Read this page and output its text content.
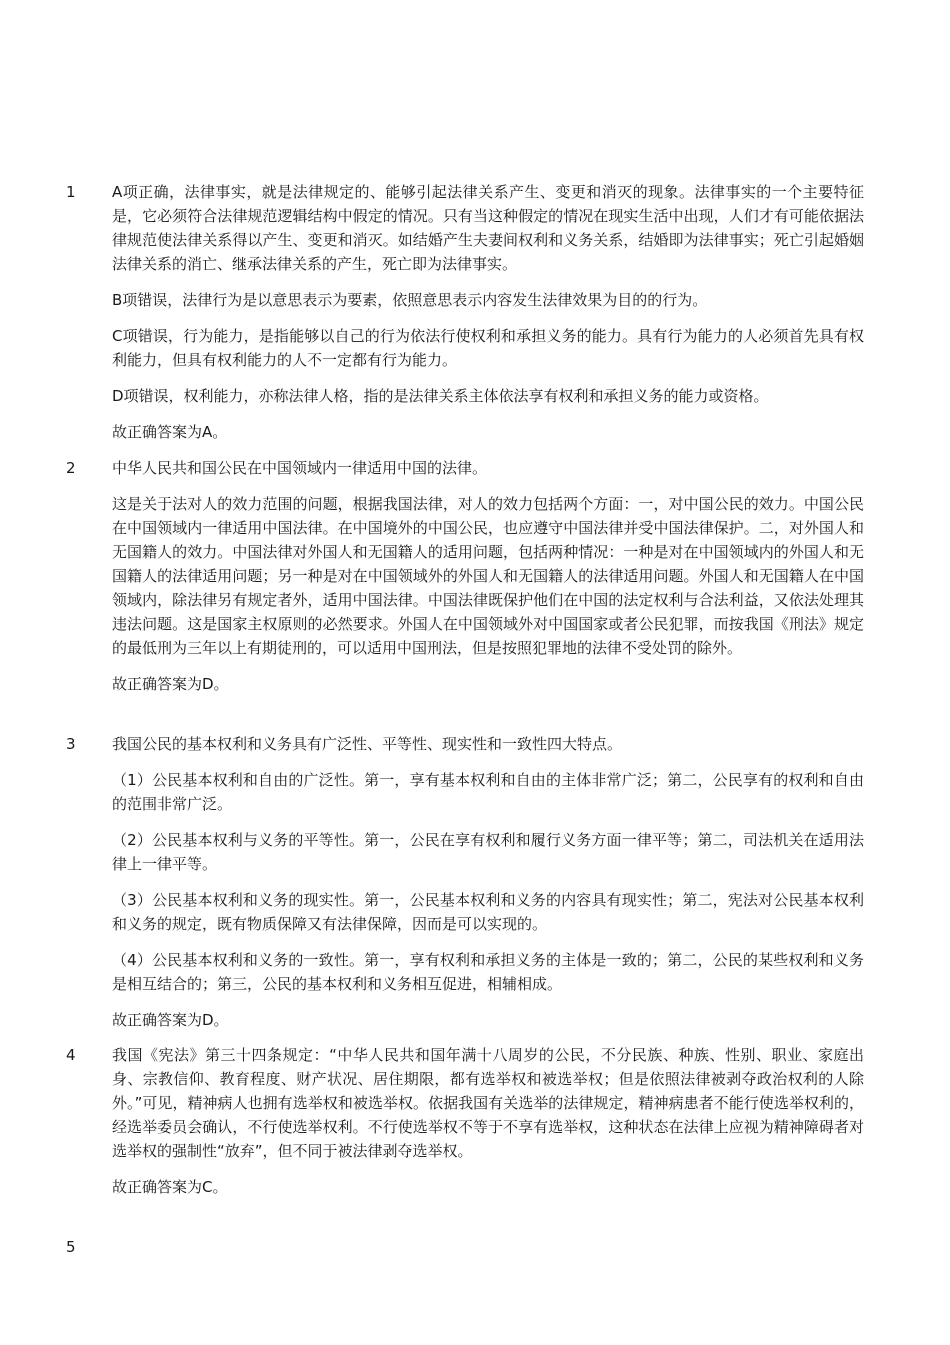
1 A项正确，法律事实，就是法律规定的、能够引起法律关系产生、变更和消灭的现象。法律事实的一个主要特征是，它必须符合法律规范逻辑结构中假定的情况。只有当这种假定的情况在现实生活中出现，人们才有可能依据法律规范使法律关系得以产生、变更和消灭。如结婚产生夫妻间权利和义务关系，结婚即为法律事实；死亡引起婚姻法律关系的消亡、继承法律关系的产生，死亡即为法律事实。

B项错误，法律行为是以意思表示为要素，依照意思表示内容发生法律效果为目的的行为。

C项错误，行为能力，是指能够以自己的行为依法行使权利和承担义务的能力。具有行为能力的人必须首先具有权利能力，但具有权利能力的人不一定都有行为能力。

D项错误，权利能力，亦称法律人格，指的是法律关系主体依法享有权利和承担义务的能力或资格。

故正确答案为A。

2 中华人民共和国公民在中国领域内一律适用中国的法律。

这是关于法对人的效力范围的问题，根据我国法律，对人的效力包括两个方面：一，对中国公民的效力。中国公民在中国领域内一律适用中国法律。在中国境外的中国公民，也应遵守中国法律并受中国法律保护。二，对外国人和无国籍人的效力。中国法律对外国人和无国籍人的适用问题，包括两种情况：一种是对在中国领域内的外国人和无国籍人的法律适用问题；另一种是对在中国领域外的外国人和无国籍人的法律适用问题。外国人和无国籍人在中国领域内，除法律另有规定者外，适用中国法律。中国法律既保护他们在中国的法定权利与合法利益，又依法处理其违法问题。这是国家主权原则的必然要求。外国人在中国领域外对中国国家或者公民犯罪，而按我国《刑法》规定的最低刑为三年以上有期徒刑的，可以适用中国刑法，但是按照犯罪地的法律不受处罚的除外。

故正确答案为D。

3 我国公民的基本权利和义务具有广泛性、平等性、现实性和一致性四大特点。

（1）公民基本权利和自由的广泛性。第一，享有基本权利和自由的主体非常广泛；第二，公民享有的权利和自由的范围非常广泛。

（2）公民基本权利与义务的平等性。第一，公民在享有权利和履行义务方面一律平等；第二，司法机关在适用法律上一律平等。

（3）公民基本权利和义务的现实性。第一，公民基本权利和义务的内容具有现实性；第二，宪法对公民基本权利和义务的规定，既有物质保障又有法律保障，因而是可以实现的。

（4）公民基本权利和义务的一致性。第一，享有权利和承担义务的主体是一致的；第二，公民的某些权利和义务是相互结合的；第三，公民的基本权利和义务相互促进，相辅相成。

故正确答案为D。

4 我国《宪法》第三十四条规定：“中华人民共和国年满十八周岁的公民，不分民族、种族、性别、职业、家庭出身、宗教信仰、教育程度、财产状况、居住期限，都有选举权和被选举权；但是依照法律被剥夺政治权利的人除外。”可见，精神病人也拥有选举权和被选举权。依据我国有关选举的法律规定，精神病患者不能行使选举权利的，经选举委员会确认，不行使选举权利。不行使选举权不等于不享有选举权，这种状态在法律上应视为精神障碍者对选举权的强制性“放弃”，但不同于被法律剥夺选举权。

故正确答案为C。

5
